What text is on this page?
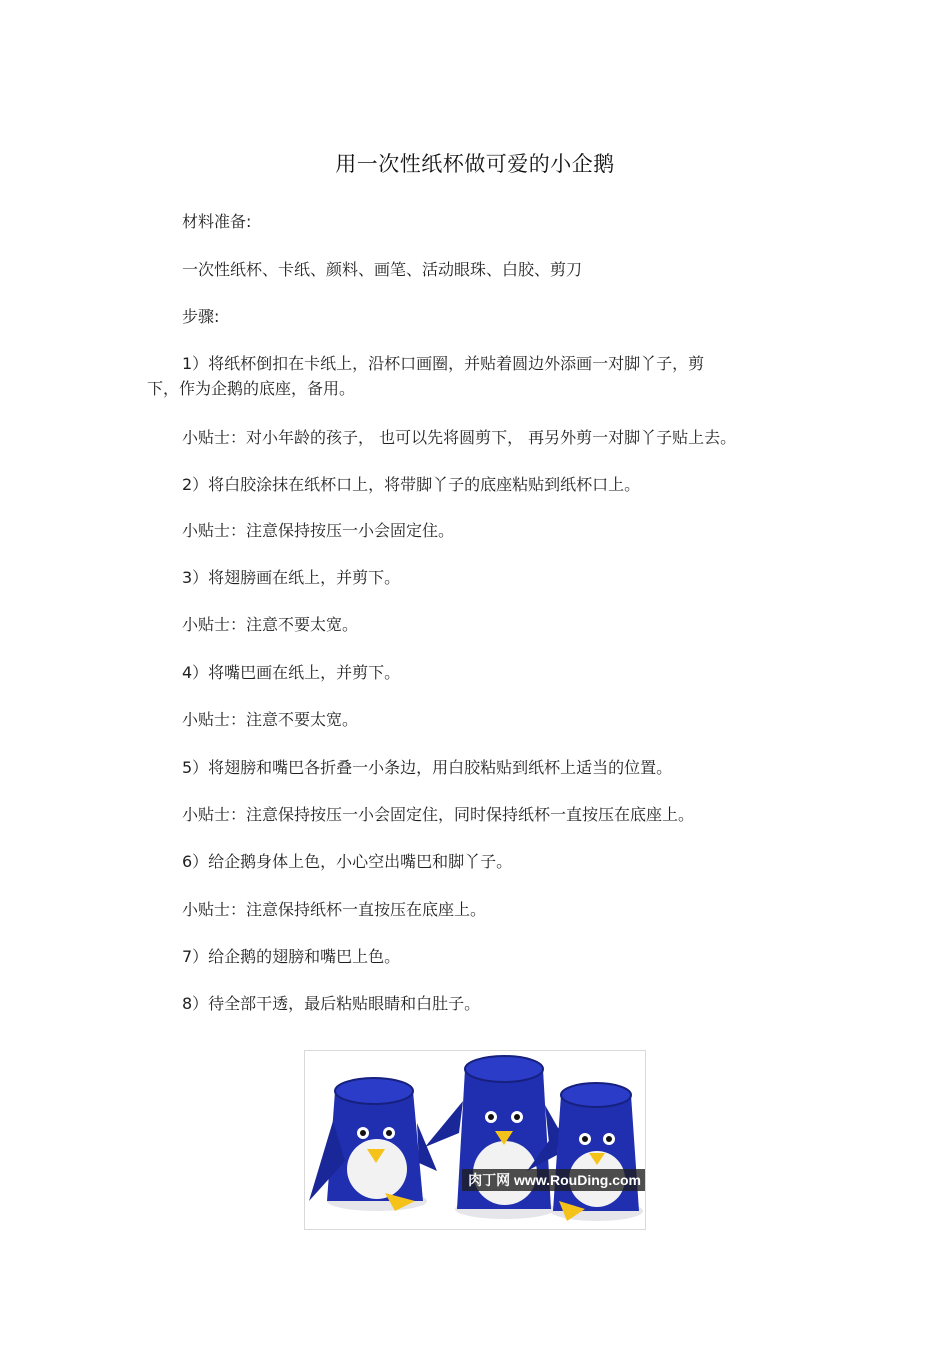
用一次性纸杯做可爱的小企鹅
材料准备:
一次性纸杯、卡纸、颜料、画笔、活动眼珠、白胶、剪刀
步骤:
1）将纸杯倒扣在卡纸上，沿杯口画圈，并贴着圆边外添画一对脚丫子，剪
下，作为企鹅的底座，备用。
小贴士：对小年龄的孩子， 也可以先将圆剪下， 再另外剪一对脚丫子贴上去。
2）将白胶涂抹在纸杯口上，将带脚丫子的底座粘贴到纸杯口上。
小贴士：注意保持按压一小会固定住。
3）将翅膀画在纸上，并剪下。
小贴士：注意不要太宽。
4）将嘴巴画在纸上，并剪下。
小贴士：注意不要太宽。
5）将翅膀和嘴巴各折叠一小条边，用白胶粘贴到纸杯上适当的位置。
小贴士：注意保持按压一小会固定住，同时保持纸杯一直按压在底座上。
6）给企鹅身体上色，小心空出嘴巴和脚丫子。
小贴士：注意保持纸杯一直按压在底座上。
7）给企鹅的翅膀和嘴巴上色。
8）待全部干透，最后粘贴眼睛和白肚子。
肉丁网 www.RouDing.com
